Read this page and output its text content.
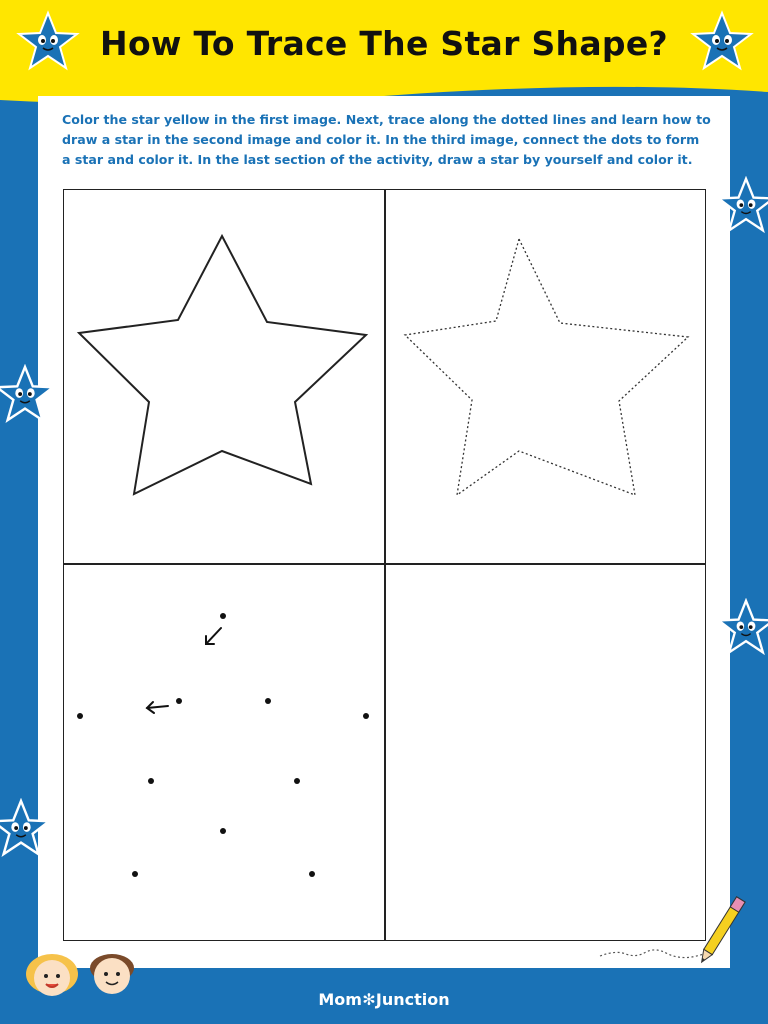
How To Trace The Star Shape?
Color the star yellow in the first image. Next, trace along the dotted lines and learn how to draw a star in the second image and color it. In the third image, connect the dots to form a star and color it. In the last section of the activity, draw a star by yourself and color it.
Mom✻Junction
